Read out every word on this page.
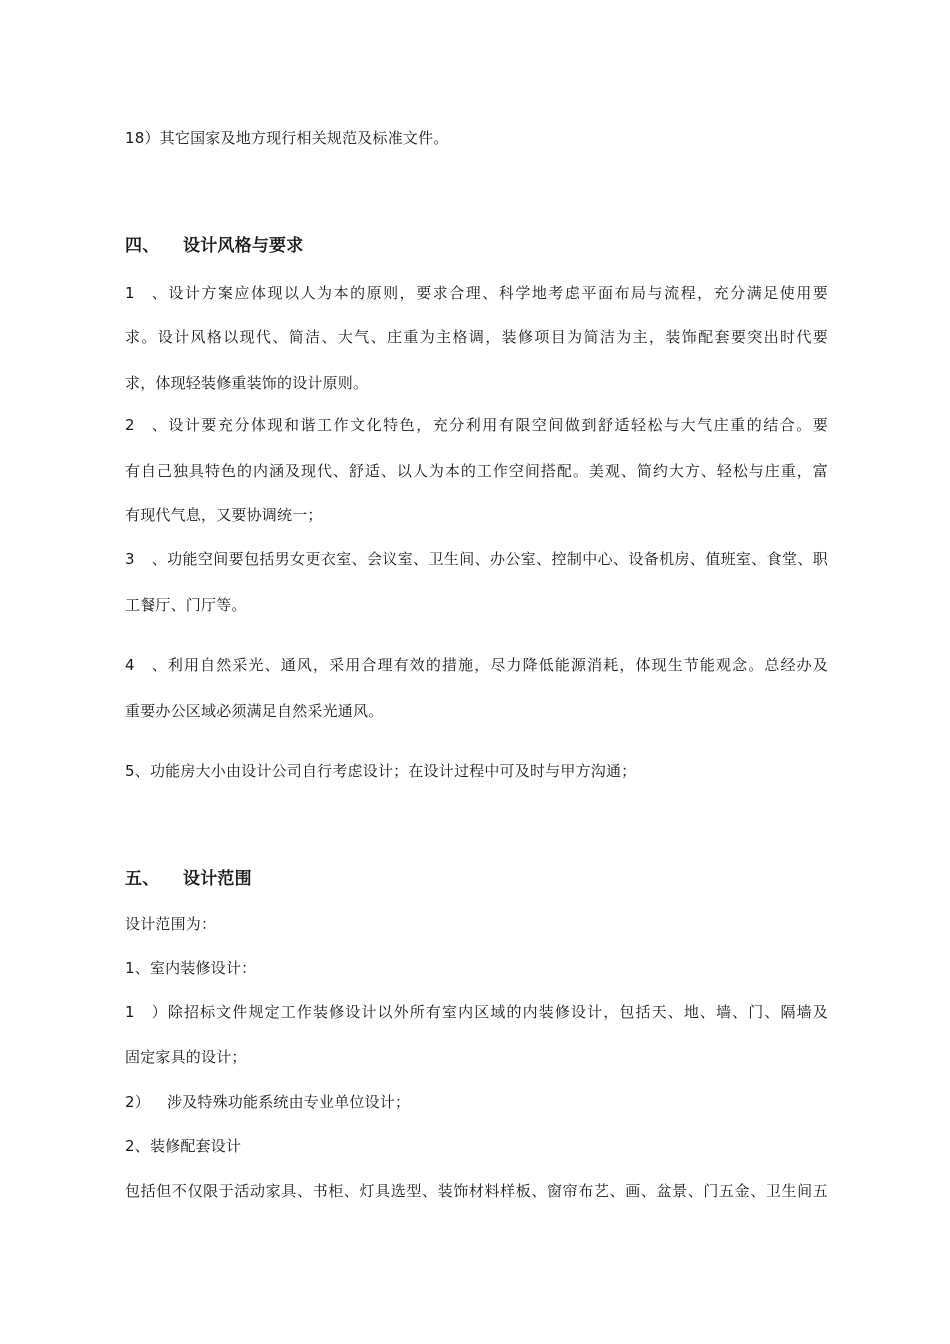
18）其它国家及地方现行相关规范及标准文件。
四、 设计风格与要求
1、设计方案应体现以人为本的原则，要求合理、科学地考虑平面布局与流程，充分满足使用要
求。设计风格以现代、简洁、大气、庄重为主格调，装修项目为简洁为主，装饰配套要突出时代要
求，体现轻装修重装饰的设计原则。
2、设计要充分体现和谐工作文化特色，充分利用有限空间做到舒适轻松与大气庄重的结合。要
有自己独具特色的内涵及现代、舒适、以人为本的工作空间搭配。美观、简约大方、轻松与庄重，富
有现代气息，又要协调统一；
3、功能空间要包括男女更衣室、会议室、卫生间、办公室、控制中心、设备机房、值班室、食堂、职
工餐厅、门厅等。
4、利用自然采光、通风，采用合理有效的措施，尽力降低能源消耗，体现生节能观念。总经办及
重要办公区域必须满足自然采光通风。
5、功能房大小由设计公司自行考虑设计；在设计过程中可及时与甲方沟通；
五、 设计范围
设计范围为：
1、室内装修设计：
1）除招标文件规定工作装修设计以外所有室内区域的内装修设计，包括天、地、墙、门、隔墙及
固定家具的设计；
2） 涉及特殊功能系统由专业单位设计；
2、装修配套设计
包括但不仅限于活动家具、书柜、灯具选型、装饰材料样板、窗帘布艺、画、盆景、门五金、卫生间五
